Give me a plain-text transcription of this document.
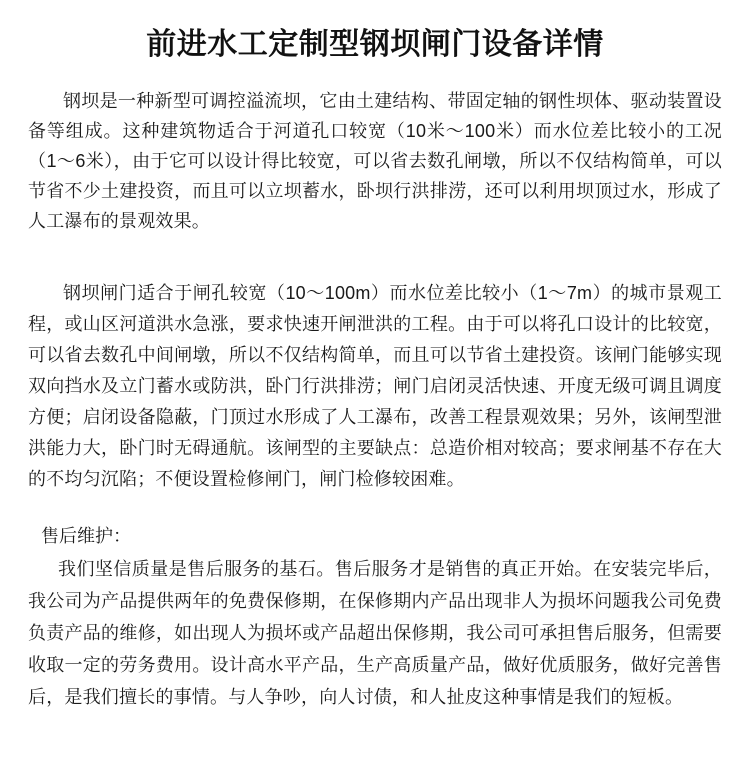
前进水工定制型钢坝闸门设备详情

钢坝是一种新型可调控溢流坝，它由土建结构、带固定轴的钢性坝体、驱动装置设备等组成。这种建筑物适合于河道孔口较宽（10米～100米）而水位差比较小的工况（1～6米），由于它可以设计得比较宽，可以省去数孔闸墩，所以不仅结构简单，可以节省不少土建投资，而且可以立坝蓄水，卧坝行洪排涝，还可以利用坝顶过水，形成了人工瀑布的景观效果。

钢坝闸门适合于闸孔较宽（10～100m）而水位差比较小（1～7m）的城市景观工程，或山区河道洪水急涨，要求快速开闸泄洪的工程。由于可以将孔口设计的比较宽，可以省去数孔中间闸墩，所以不仅结构简单，而且可以节省土建投资。该闸门能够实现双向挡水及立门蓄水或防洪，卧门行洪排涝；闸门启闭灵活快速、开度无级可调且调度方便；启闭设备隐蔽，门顶过水形成了人工瀑布，改善工程景观效果；另外，该闸型泄洪能力大，卧门时无碍通航。该闸型的主要缺点：总造价相对较高；要求闸基不存在大的不均匀沉陷；不便设置检修闸门，闸门检修较困难。

售后维护：

我们坚信质量是售后服务的基石。售后服务才是销售的真正开始。在安装完毕后，我公司为产品提供两年的免费保修期，在保修期内产品出现非人为损坏问题我公司免费负责产品的维修，如出现人为损坏或产品超出保修期，我公司可承担售后服务，但需要收取一定的劳务费用。设计高水平产品，生产高质量产品，做好优质服务，做好完善售后，是我们擅长的事情。与人争吵，向人讨债，和人扯皮这种事情是我们的短板。
